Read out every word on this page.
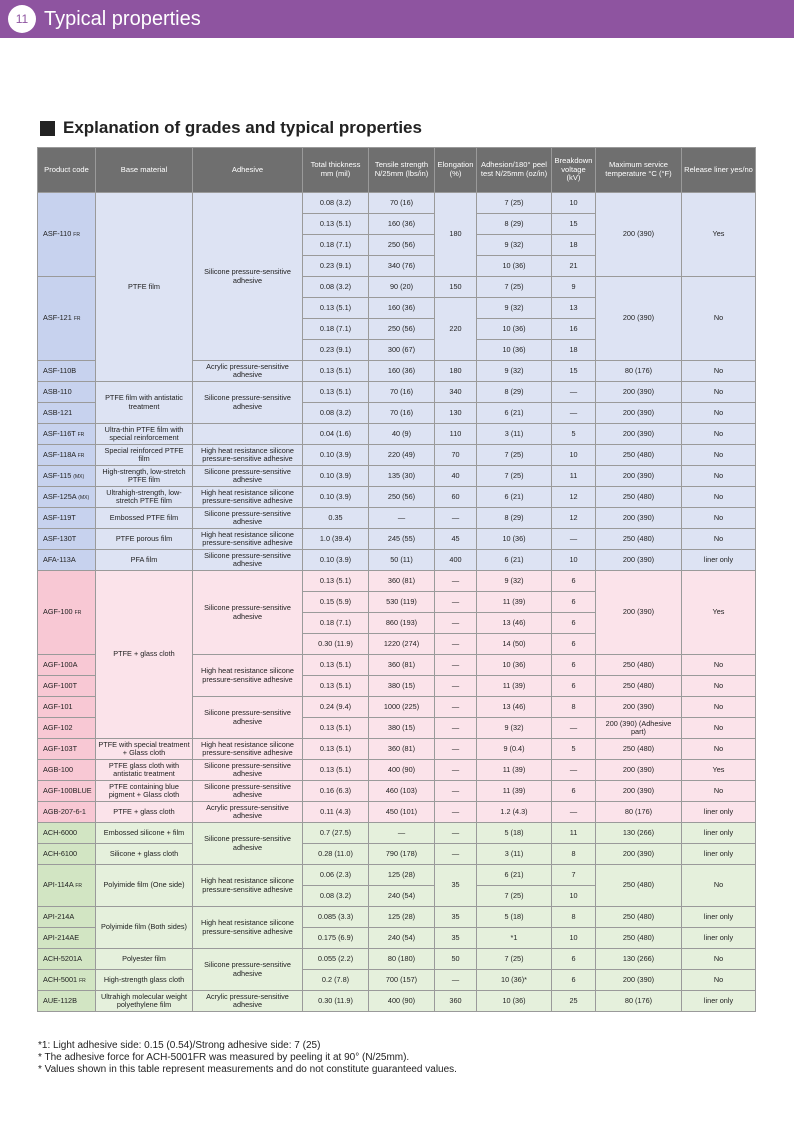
11 Typical properties
Explanation of grades and typical properties
Product code	Base material	Adhesive	Total thickness mm (mil)	Tensile strength N/25mm (lbs/in)	Elongation (%)	Adhesion/180° peel test N/25mm (oz/in)	Breakdown voltage (kV)	Maximum service temperature °C (°F)	Release liner yes/no
ASF-110 FR	PTFE film	Silicone pressure-sensitive adhesive	0.08 (3.2)	70 (16)	180	7 (25)	10	200 (390)	Yes
			0.13 (5.1)	160 (36)		8 (29)	15		
			0.18 (7.1)	250 (56)		9 (32)	18		
			0.23 (9.1)	340 (76)		10 (36)	21		
ASF-121 FR			0.08 (3.2)	90 (20)	150	7 (25)	9	200 (390)	No
			0.13 (5.1)	160 (36)	220	9 (32)	13		
			0.18 (7.1)	250 (56)		10 (36)	16		
			0.23 (9.1)	300 (67)		10 (36)	18		
ASF-110B		Acrylic pressure-sensitive adhesive	0.13 (5.1)	160 (36)	180	9 (32)	15	80 (176)	No
ASB-110	PTFE film with antistatic treatment	Silicone pressure-sensitive adhesive	0.13 (5.1)	70 (16)	340	8 (29)	—	200 (390)	No
ASB-121			0.08 (3.2)	70 (16)	130	6 (21)	—	200 (390)	No
ASF-116T FR	Ultra-thin PTFE film with special reinforcement		0.04 (1.6)	40 (9)	110	3 (11)	5	200 (390)	No
ASF-118A FR	Special reinforced PTFE film	High heat resistance silicone pressure-sensitive adhesive	0.10 (3.9)	220 (49)	70	7 (25)	10	250 (480)	No
ASF-115 (MX)	High-strength, low-stretch PTFE film	Silicone pressure-sensitive adhesive	0.10 (3.9)	135 (30)	40	7 (25)	11	200 (390)	No
ASF-125A (MX)	Ultrahigh-strength, low-stretch PTFE film	High heat resistance silicone pressure-sensitive adhesive	0.10 (3.9)	250 (56)	60	6 (21)	12	250 (480)	No
ASF-119T	Embossed PTFE film	Silicone pressure-sensitive adhesive	0.35	—	—	8 (29)	12	200 (390)	No
ASF-130T	PTFE porous film	High heat resistance silicone pressure-sensitive adhesive	1.0 (39.4)	245 (55)	45	10 (36)	—	250 (480)	No
AFA-113A	PFA film	Silicone pressure-sensitive adhesive	0.10 (3.9)	50 (11)	400	6 (21)	10	200 (390)	liner only
AGF-100 FR	PTFE + glass cloth	Silicone pressure-sensitive adhesive	0.13 (5.1)	360 (81)	—	9 (32)	6	200 (390)	Yes
			0.15 (5.9)	530 (119)	—	11 (39)	6		
			0.18 (7.1)	860 (193)	—	13 (46)	6		
			0.30 (11.9)	1220 (274)	—	14 (50)	6		
AGF-100A		High heat resistance silicone pressure-sensitive adhesive	0.13 (5.1)	360 (81)	—	10 (36)	6	250 (480)	No
AGF-100T			0.13 (5.1)	380 (15)	—	11 (39)	6	250 (480)	No
AGF-101		Silicone pressure-sensitive adhesive	0.24 (9.4)	1000 (225)	—	13 (46)	8	200 (390)	No
AGF-102			0.13 (5.1)	380 (15)	—	9 (32)	—	200 (390) (Adhesive part)	No
AGF-103T	PTFE with special treatment + Glass cloth	High heat resistance silicone pressure-sensitive adhesive	0.13 (5.1)	360 (81)	—	9 (0.4)	5	250 (480)	No
AGB-100	PTFE glass cloth with antistatic treatment	Silicone pressure-sensitive adhesive	0.13 (5.1)	400 (90)	—	11 (39)	—	200 (390)	Yes
AGF-100BLUE	PTFE containing blue pigment + Glass cloth	Silicone pressure-sensitive adhesive	0.16 (6.3)	460 (103)	—	11 (39)	6	200 (390)	No
AGB-207-6-1	PTFE + glass cloth	Acrylic pressure-sensitive adhesive	0.11 (4.3)	450 (101)	—	1.2 (4.3)	—	80 (176)	liner only
ACH-6000	Embossed silicone + film	Silicone pressure-sensitive adhesive	0.7 (27.5)	—	—	5 (18)	11	130 (266)	liner only
ACH-6100	Silicone + glass cloth		0.28 (11.0)	790 (178)	—	3 (11)	8	200 (390)	liner only
API-114A FR	Polyimide film (One side)	High heat resistance silicone pressure-sensitive adhesive	0.06 (2.3)	125 (28)	35	6 (21)	7	250 (480)	No
			0.08 (3.2)	240 (54)		7 (25)	10		
API-214A	Polyimide film (Both sides)	High heat resistance silicone pressure-sensitive adhesive	0.085 (3.3)	125 (28)	35	5 (18)	8	250 (480)	liner only
API-214AE			0.175 (6.9)	240 (54)	35	*1	10	250 (480)	liner only
ACH-5201A	Polyester film	Silicone pressure-sensitive adhesive	0.055 (2.2)	80 (180)	50	7 (25)	6	130 (266)	No
ACH-5001 FR	High-strength glass cloth		0.2 (7.8)	700 (157)	—	10 (36)*	6	200 (390)	No
AUE-112B	Ultrahigh molecular weight polyethylene film	Acrylic pressure-sensitive adhesive	0.30 (11.9)	400 (90)	360	10 (36)	25	80 (176)	liner only
*1: Light adhesive side: 0.15 (0.54)/Strong adhesive side: 7 (25)
* The adhesive force for ACH-5001FR was measured by peeling it at 90° (N/25mm).
* Values shown in this table represent measurements and do not constitute guaranteed values.
